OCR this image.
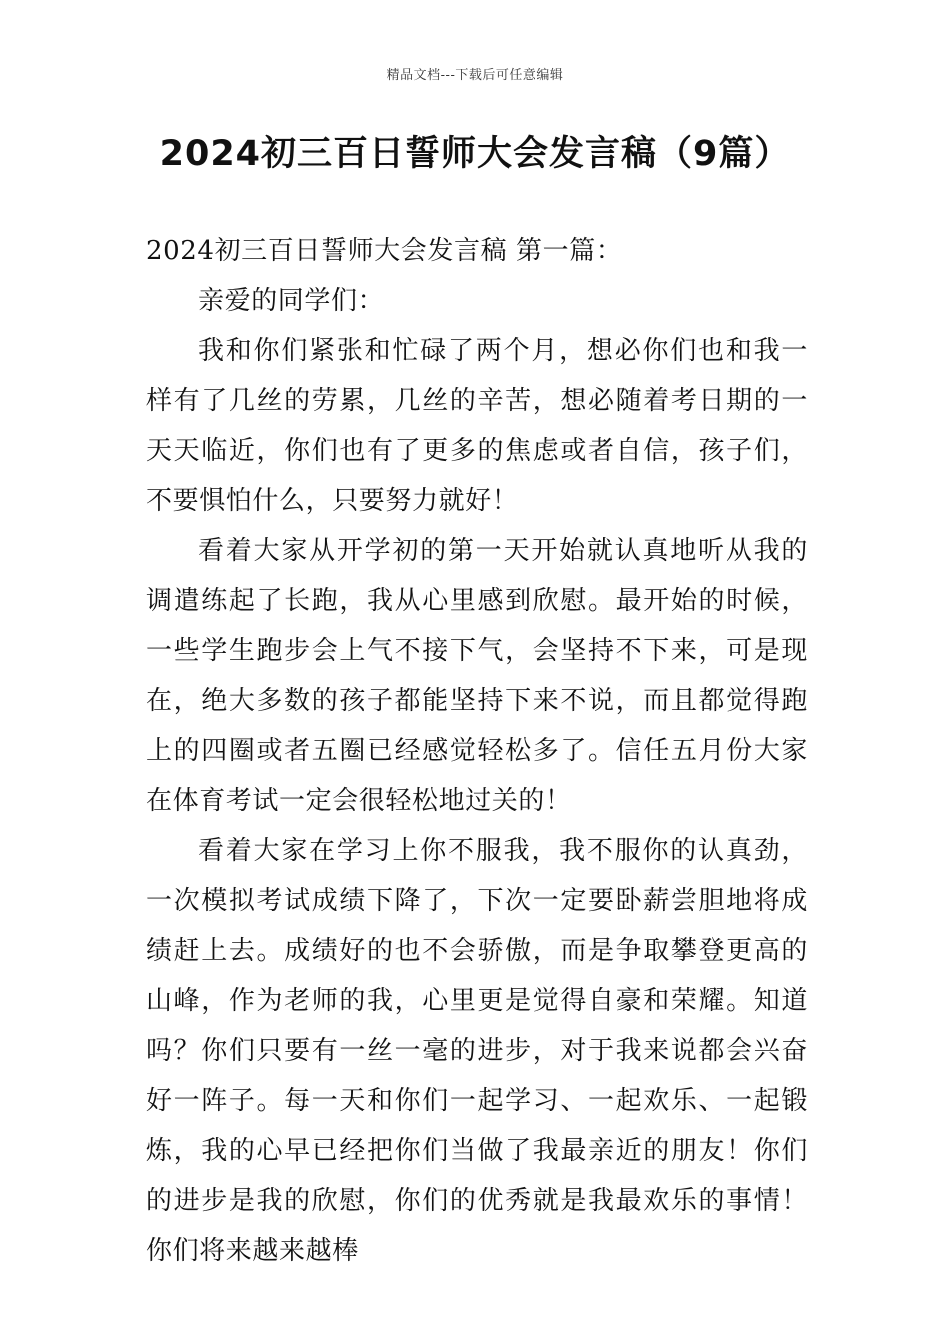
精品文档---下载后可任意编辑
2024初三百日誓师大会发言稿（9篇）

2024初三百日誓师大会发言稿 第一篇：

亲爱的同学们：

我和你们紧张和忙碌了两个月，想必你们也和我一样有了几丝的劳累，几丝的辛苦，想必随着考日期的一天天临近，你们也有了更多的焦虑或者自信，孩子们，不要惧怕什么，只要努力就好！

看着大家从开学初的第一天开始就认真地听从我的调遣练起了长跑，我从心里感到欣慰。最开始的时候，一些学生跑步会上气不接下气，会坚持不下来，可是现在，绝大多数的孩子都能坚持下来不说，而且都觉得跑上的四圈或者五圈已经感觉轻松多了。信任五月份大家在体育考试一定会很轻松地过关的！

看着大家在学习上你不服我，我不服你的认真劲，一次模拟考试成绩下降了，下次一定要卧薪尝胆地将成绩赶上去。成绩好的也不会骄傲，而是争取攀登更高的山峰，作为老师的我，心里更是觉得自豪和荣耀。知道吗？你们只要有一丝一毫的进步，对于我来说都会兴奋好一阵子。每一天和你们一起学习、一起欢乐、一起锻炼，我的心早已经把你们当做了我最亲近的朋友！你们的进步是我的欣慰，你们的优秀就是我最欢乐的事情！你们将来越来越棒
